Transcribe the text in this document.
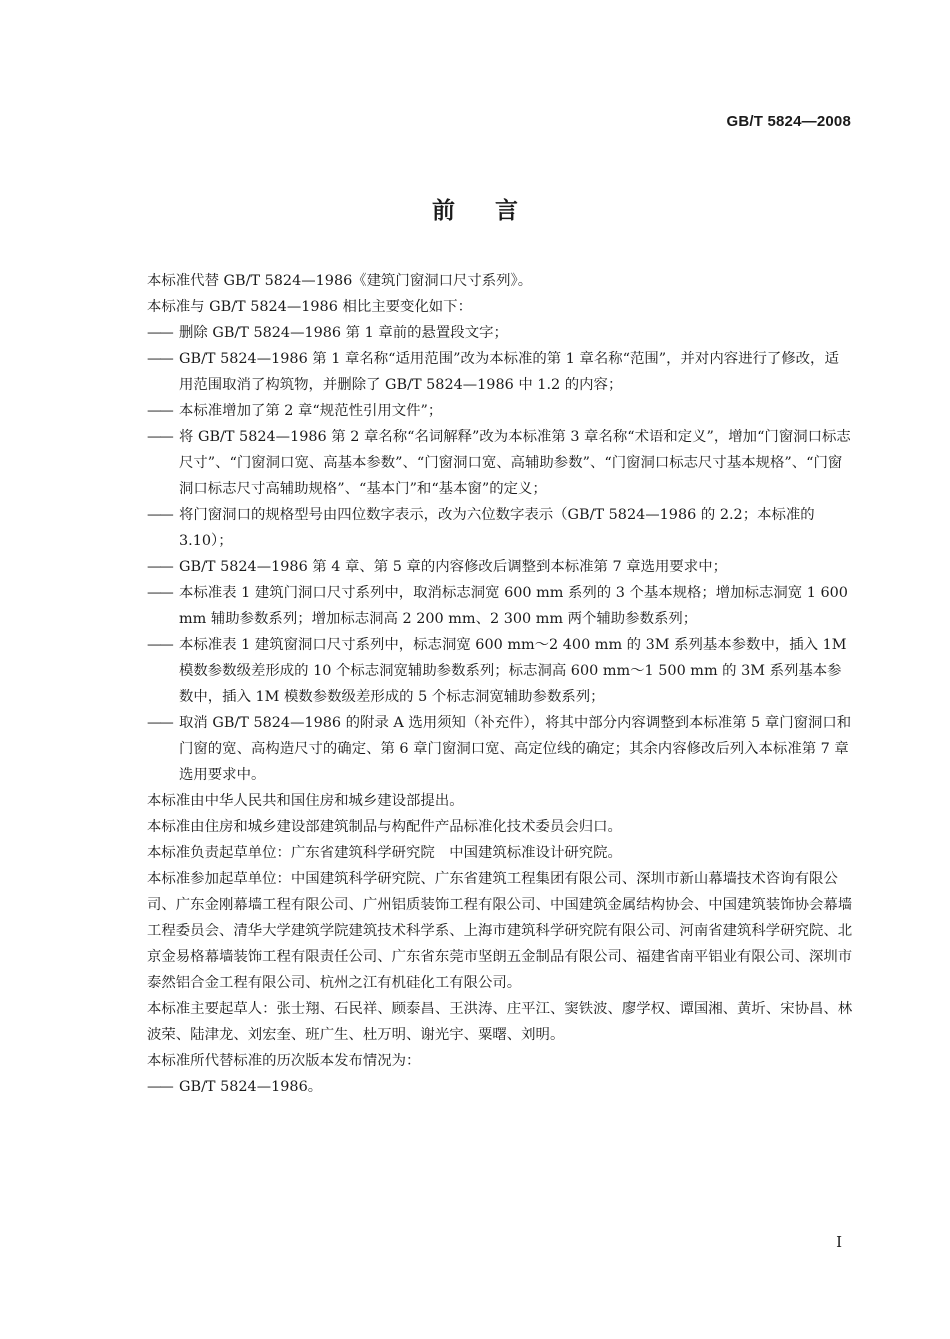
GB/T 5824—2008
前言

本标准代替 GB/T 5824—1986《建筑门窗洞口尺寸系列》。

本标准与 GB/T 5824—1986 相比主要变化如下：

—— 删除 GB/T 5824—1986 第 1 章前的悬置段文字；

—— GB/T 5824—1986 第 1 章名称“适用范围”改为本标准的第 1 章名称“范围”，并对内容进行了修改，适用范围取消了构筑物，并删除了 GB/T 5824—1986 中 1.2 的内容；

—— 本标准增加了第 2 章“规范性引用文件”；

—— 将 GB/T 5824—1986 第 2 章名称“名词解释”改为本标准第 3 章名称“术语和定义”，增加“门窗洞口标志尺寸”、“门窗洞口宽、高基本参数”、“门窗洞口宽、高辅助参数”、“门窗洞口标志尺寸基本规格”、“门窗洞口标志尺寸高辅助规格”、“基本门”和“基本窗”的定义；

—— 将门窗洞口的规格型号由四位数字表示，改为六位数字表示（GB/T 5824—1986 的 2.2；本标准的 3.10）；

—— GB/T 5824—1986 第 4 章、第 5 章的内容修改后调整到本标准第 7 章选用要求中；

—— 本标准表 1 建筑门洞口尺寸系列中，取消标志洞宽 600 mm 系列的 3 个基本规格；增加标志洞宽 1 600 mm 辅助参数系列；增加标志洞高 2 200 mm、2 300 mm 两个辅助参数系列；

—— 本标准表 1 建筑窗洞口尺寸系列中，标志洞宽 600 mm～2 400 mm 的 3M 系列基本参数中，插入 1M 模数参数级差形成的 10 个标志洞宽辅助参数系列；标志洞高 600 mm～1 500 mm 的 3M 系列基本参数中，插入 1M 模数参数级差形成的 5 个标志洞宽辅助参数系列；

—— 取消 GB/T 5824—1986 的附录 A 选用须知（补充件），将其中部分内容调整到本标准第 5 章门窗洞口和门窗的宽、高构造尺寸的确定、第 6 章门窗洞口宽、高定位线的确定；其余内容修改后列入本标准第 7 章选用要求中。

本标准由中华人民共和国住房和城乡建设部提出。

本标准由住房和城乡建设部建筑制品与构配件产品标准化技术委员会归口。

本标准负责起草单位：广东省建筑科学研究院　中国建筑标准设计研究院。

本标准参加起草单位：中国建筑科学研究院、广东省建筑工程集团有限公司、深圳市新山幕墙技术咨询有限公司、广东金刚幕墙工程有限公司、广州铝质装饰工程有限公司、中国建筑金属结构协会、中国建筑装饰协会幕墙工程委员会、清华大学建筑学院建筑技术科学系、上海市建筑科学研究院有限公司、河南省建筑科学研究院、北京金易格幕墙装饰工程有限责任公司、广东省东莞市坚朗五金制品有限公司、福建省南平铝业有限公司、深圳市泰然铝合金工程有限公司、杭州之江有机硅化工有限公司。

本标准主要起草人：张士翔、石民祥、顾泰昌、王洪涛、庄平江、窦铁波、廖学权、谭国湘、黄圻、宋协昌、林波荣、陆津龙、刘宏奎、班广生、杜万明、谢光宇、粟曙、刘明。

本标准所代替标准的历次版本发布情况为：

—— GB/T 5824—1986。

I
